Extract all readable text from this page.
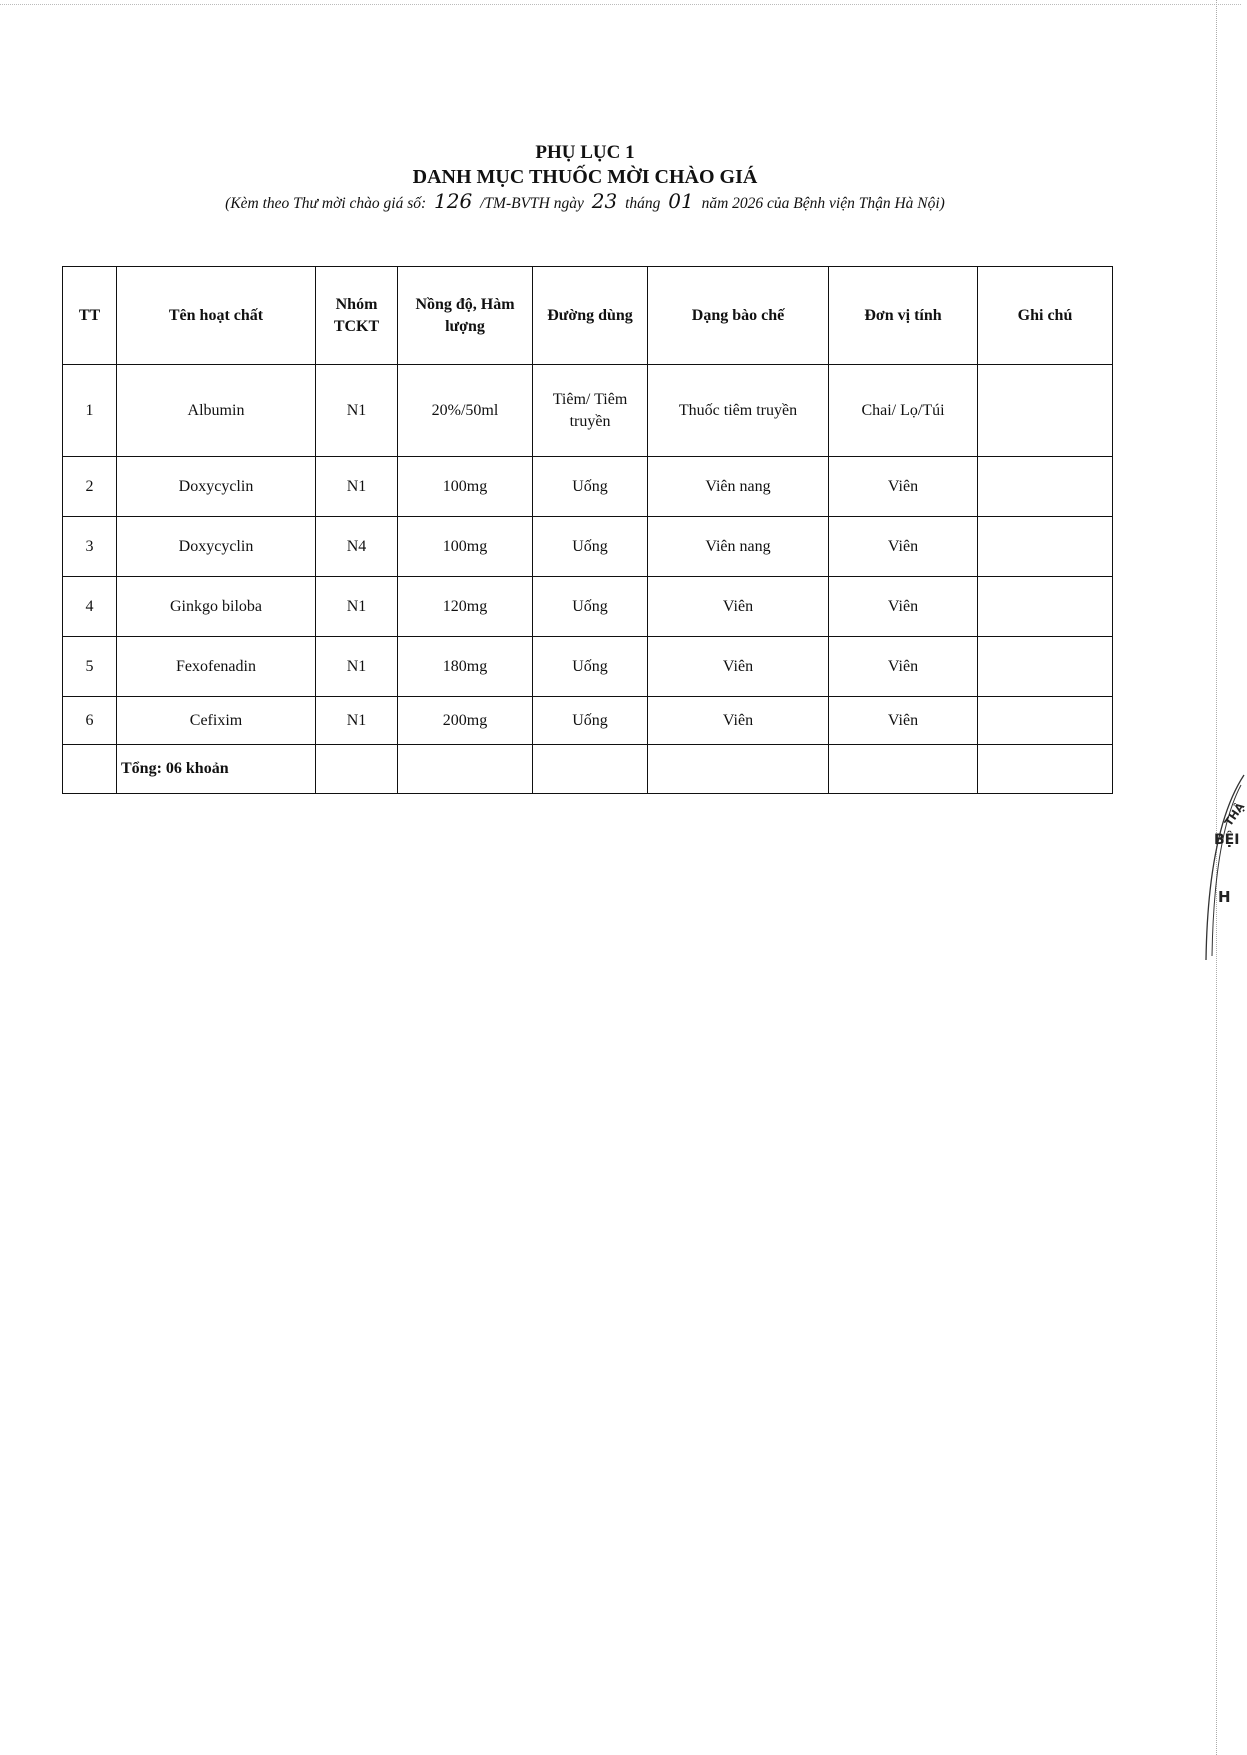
PHỤ LỤC 1
DANH MỤC THUỐC MỜI CHÀO GIÁ
(Kèm theo Thư mời chào giá số: 126 /TM-BVTH ngày 23 tháng 01 năm 2026 của Bệnh viện Thận Hà Nội)
TT	Tên hoạt chất	Nhóm TCKT	Nồng độ, Hàm lượng	Đường dùng	Dạng bào chế	Đơn vị tính	Ghi chú
1	Albumin	N1	20%/50ml	Tiêm/ Tiêm truyền	Thuốc tiêm truyền	Chai/ Lọ/Túi	
2	Doxycyclin	N1	100mg	Uống	Viên nang	Viên	
3	Doxycyclin	N4	100mg	Uống	Viên nang	Viên	
4	Ginkgo biloba	N1	120mg	Uống	Viên	Viên	
5	Fexofenadin	N1	180mg	Uống	Viên	Viên	
6	Cefixim	N1	200mg	Uống	Viên	Viên	
	Tổng: 06 khoản						
THẬ
BỆI
H
